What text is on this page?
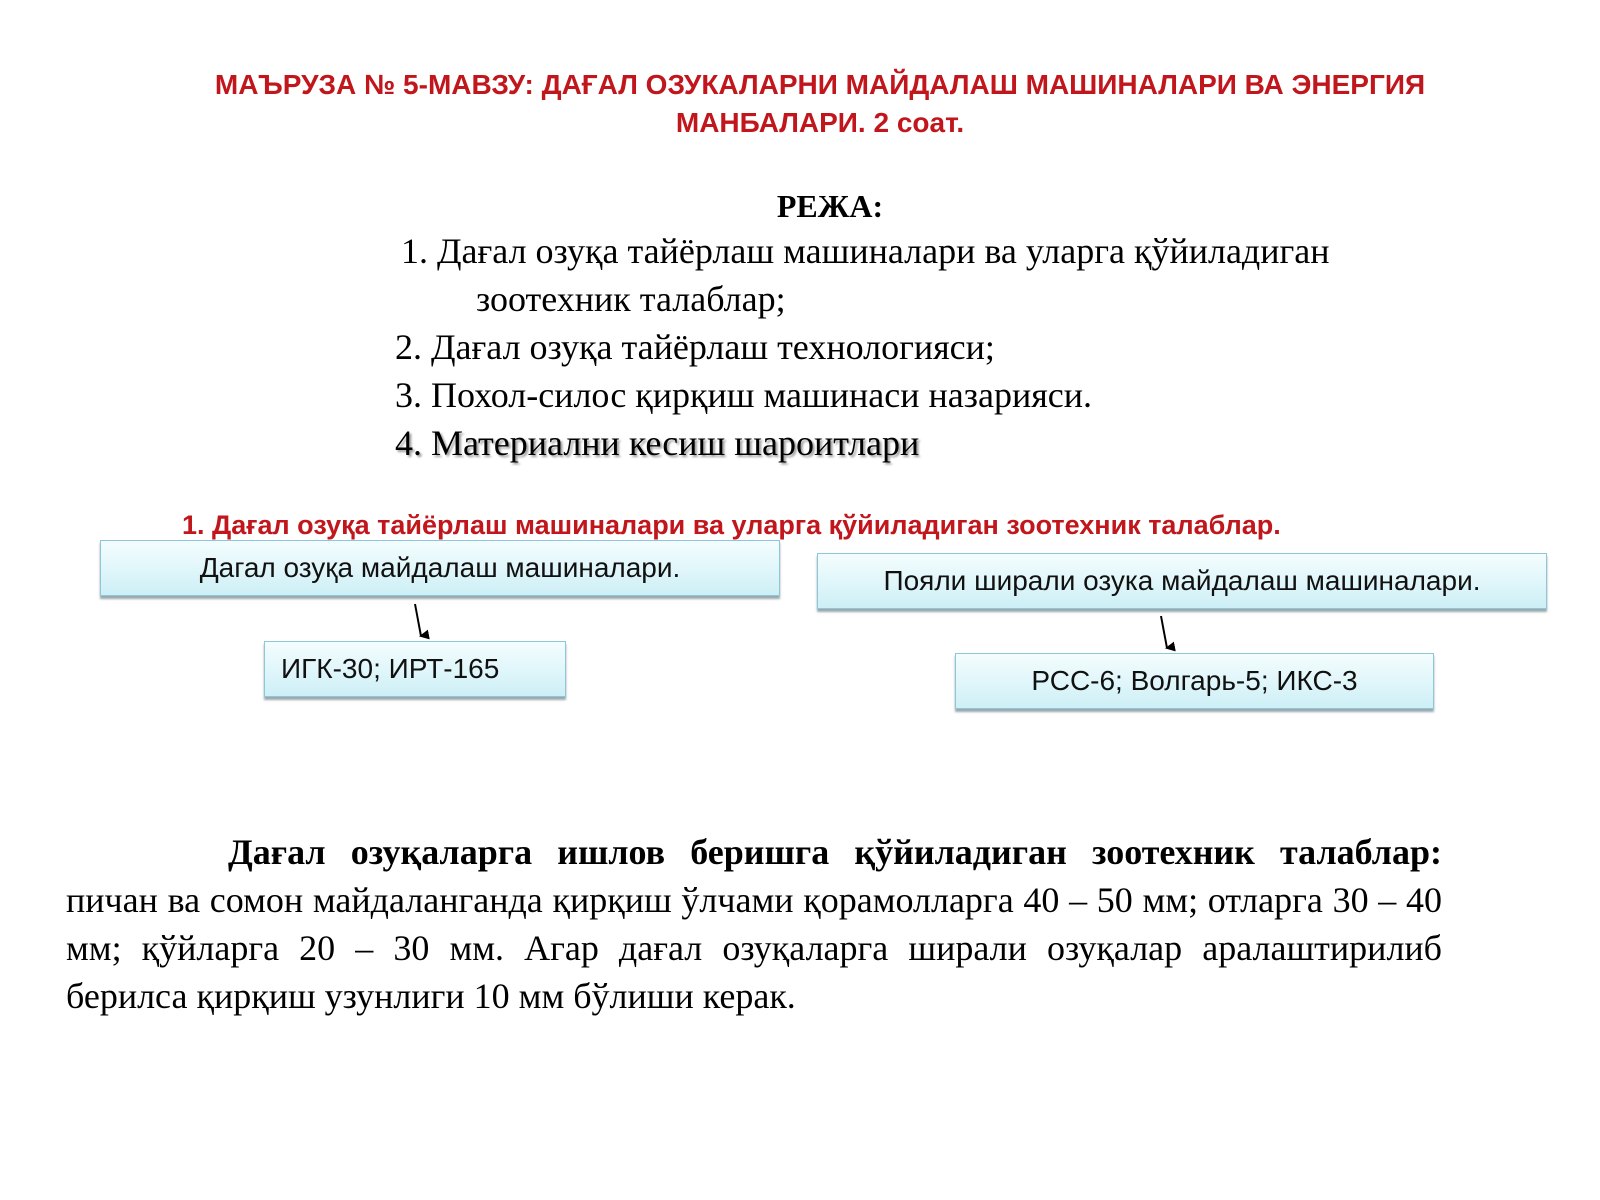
МАЪРУЗА № 5-МАВЗУ: ДАҒАЛ ОЗУКАЛАРНИ МАЙДАЛАШ МАШИНАЛАРИ ВА ЭНЕРГИЯ
МАНБАЛАРИ. 2 соат.
РЕЖА:
1. Дағал озуқа тайёрлаш машиналари ва уларга қўйиладиган
зоотехник талаблар;
2. Дағал озуқа тайёрлаш технологияси;
3. Похол-силос қирқиш машинаси назарияси.
4. Материални кесиш шароитлари
1. Дағал озуқа тайёрлаш машиналари ва уларга қўйиладиган зоотехник талаблар.
Дагал озуқа майдалаш машиналари.	Пояли ширали озука майдалаш машиналари.
ИГК-30; ИРТ-165	РСС-6; Волгарь-5; ИКС-3
Дағал озуқаларга ишлов беришга қўйиладиган зоотехник талаблар: пичан ва сомон майдаланганда қирқиш ўлчами қорамолларга 40 – 50 мм; отларга 30 – 40 мм; қўйларга 20 – 30 мм. Агар дағал озуқаларга ширали озуқалар аралаштирилиб берилса қирқиш узунлиги 10 мм бўлиши керак.
